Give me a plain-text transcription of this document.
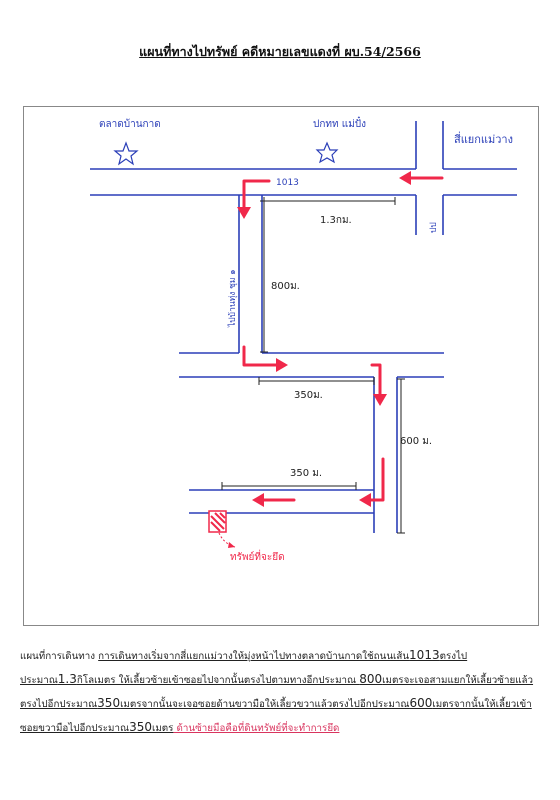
แผนที่ทางไปทรัพย์ คดีหมายเลขแดงที่ ผบ.54/2566
ตลาดบ้านกาด	ปกทท แม่ปั๋ง
สี่แยกแม่วาง
1013
ไปบ้านทุ่ง ชุม ๑
ปป
1.3กม.
800ม.
350ม.
600 ม.
350 ม.
ทรัพย์ที่จะยึด
แผนที่การเดินทาง การเดินทางเริ่มจากสี่แยกแม่วางให้มุ่งหน้าไปทางตลาดบ้านกาดใช้ถนนเส้น1013ตรงไปประมาณ1.3กิโลเมตร ให้เลี้ยวซ้ายเข้าซอยไปจากนั้นตรงไปตามทางอีกประมาณ 800เมตรจะเจอสามแยกให้เลี้ยวซ้ายแล้วตรงไปอีกประมาณ350เมตรจากนั้นจะเจอซอยด้านขวามือให้เลี้ยวขวาแล้วตรงไปอีกประมาณ600เมตรจากนั้นให้เลี้ยวเข้าซอยขวามือไปอีกประมาณ350เมตร ด้านซ้ายมือคือที่ดินทรัพย์ที่จะทำการยึด
